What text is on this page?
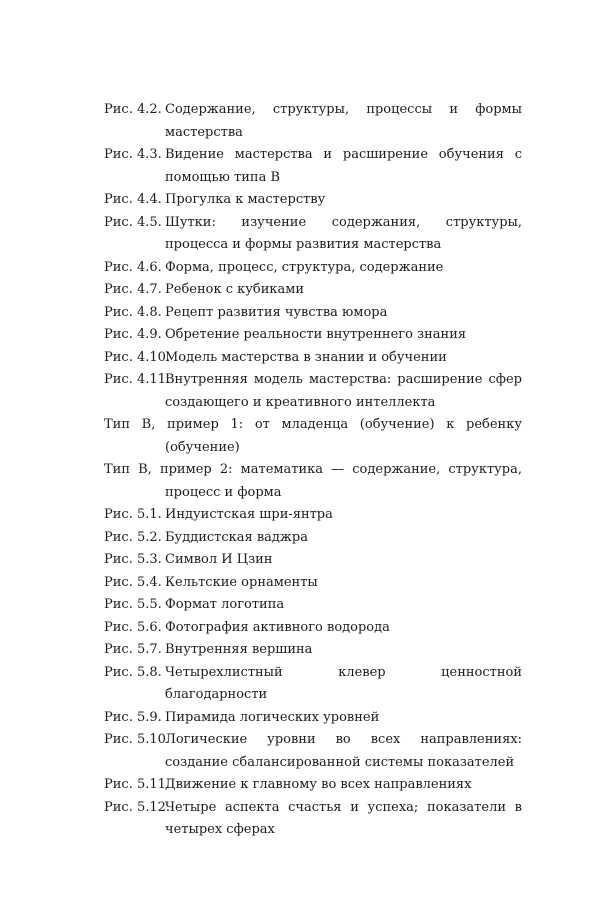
Рис. 4.2. Содержание, структуры, процессы и формы мастерства
Рис. 4.3. Видение мастерства и расширение обучения с помощью типа B
Рис. 4.4. Прогулка к мастерству
Рис. 4.5. Шутки: изучение содержания, структуры, процесса и формы развития мастерства
Рис. 4.6. Форма, процесс, структура, содержание
Рис. 4.7. Ребенок с кубиками
Рис. 4.8. Рецепт развития чувства юмора
Рис. 4.9. Обретение реальности внутреннего знания
Рис. 4.10.
Модель мастерства в знании и обучении
Рис. 4.11.
Внутренняя модель мастерства: расширение сфер создающего и креативного интеллекта
Тип B, пример 1: от младенца (обучение) к ребенку (обучение)
Тип B, пример 2: математика — содержание, структура, процесс и форма
Рис. 5.1. Индуистская шри-янтра
Рис. 5.2. Буддистская ваджра
Рис. 5.3. Символ И Цзин
Рис. 5.4. Кельтские орнаменты
Рис. 5.5. Формат логотипа
Рис. 5.6. Фотография активного водорода
Рис. 5.7. Внутренняя вершина
Рис. 5.8. Четырехлистный клевер ценностной благодарности
Рис. 5.9. Пирамида логических уровней
Рис. 5.10.
Логические уровни во всех направлениях: создание сбалансированной системы показателей
Рис. 5.11.
Движение к главному во всех направлениях
Рис. 5.12.
Четыре аспекта счастья и успеха; показатели в четырех сферах
